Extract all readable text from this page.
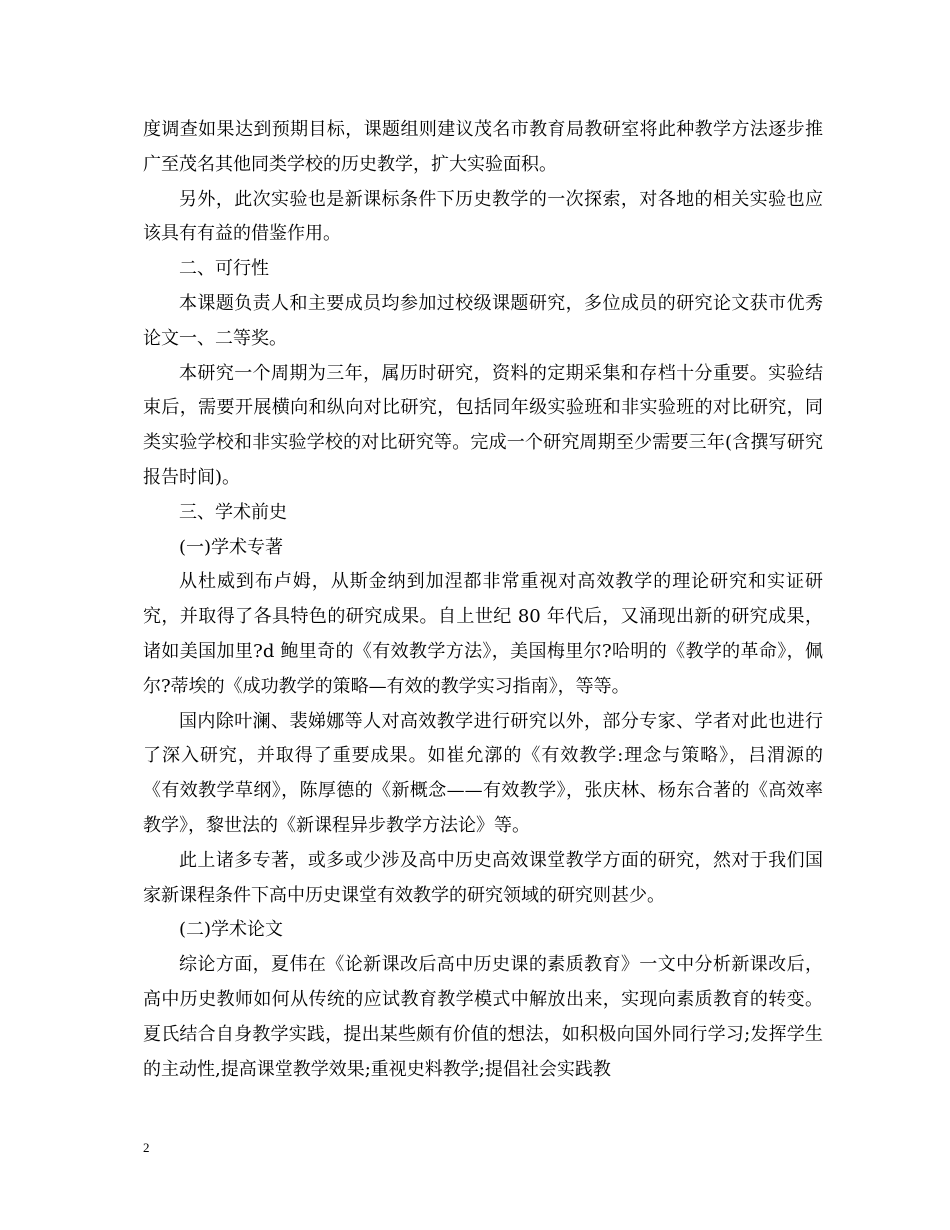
度调查如果达到预期目标，课题组则建议茂名市教育局教研室将此种教学方法逐步推广至茂名其他同类学校的历史教学，扩大实验面积。

另外，此次实验也是新课标条件下历史教学的一次探索，对各地的相关实验也应该具有有益的借鉴作用。

二、可行性

本课题负责人和主要成员均参加过校级课题研究，多位成员的研究论文获市优秀论文一、二等奖。

本研究一个周期为三年，属历时研究，资料的定期采集和存档十分重要。实验结束后，需要开展横向和纵向对比研究，包括同年级实验班和非实验班的对比研究，同类实验学校和非实验学校的对比研究等。完成一个研究周期至少需要三年(含撰写研究报告时间)。

三、学术前史

(一)学术专著

从杜威到布卢姆，从斯金纳到加涅都非常重视对高效教学的理论研究和实证研究，并取得了各具特色的研究成果。自上世纪 80 年代后，又涌现出新的研究成果，诸如美国加里?d 鲍里奇的《有效教学方法》，美国梅里尔?哈明的《教学的革命》，佩尔?蒂埃的《成功教学的策略—有效的教学实习指南》，等等。

国内除叶澜、裴娣娜等人对高效教学进行研究以外，部分专家、学者对此也进行了深入研究，并取得了重要成果。如崔允漷的《有效教学:理念与策略》，吕渭源的《有效教学草纲》，陈厚德的《新概念——有效教学》，张庆林、杨东合著的《高效率教学》，黎世法的《新课程异步教学方法论》等。

此上诸多专著，或多或少涉及高中历史高效课堂教学方面的研究，然对于我们国家新课程条件下高中历史课堂有效教学的研究领域的研究则甚少。

(二)学术论文

综论方面，夏伟在《论新课改后高中历史课的素质教育》一文中分析新课改后，高中历史教师如何从传统的应试教育教学模式中解放出来，实现向素质教育的转变。夏氏结合自身教学实践，提出某些颇有价值的想法，如积极向国外同行学习;发挥学生的主动性,提高课堂教学效果;重视史料教学;提倡社会实践教

2
